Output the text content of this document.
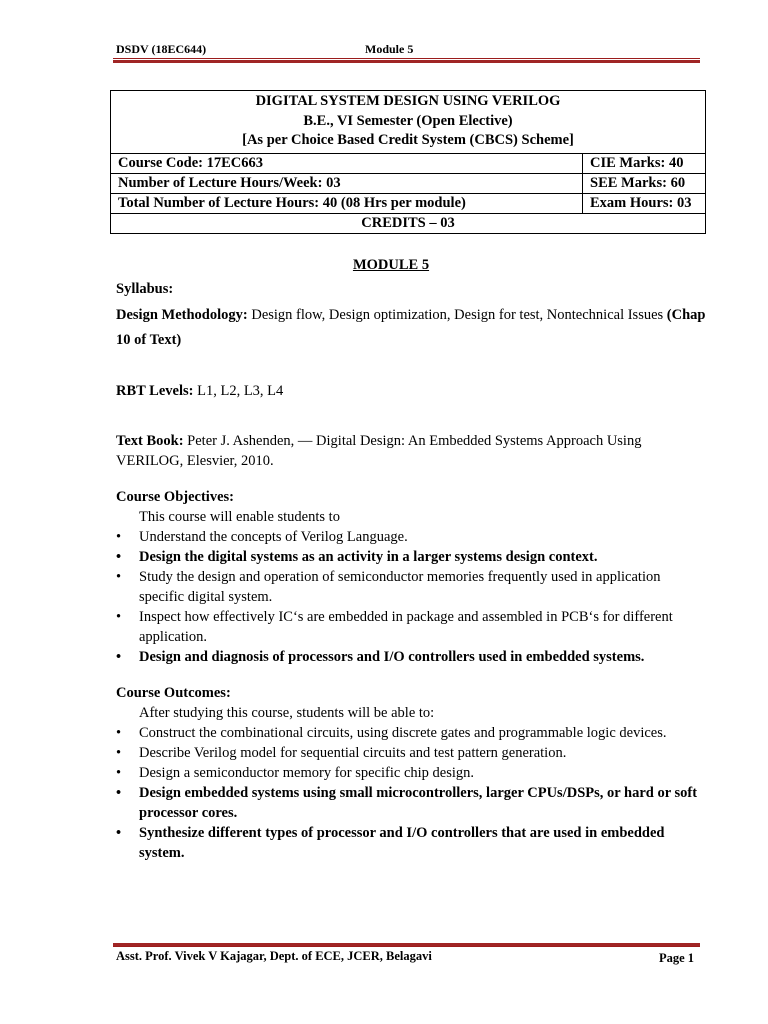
DSDV (18EC644)	Module 5
DIGITAL SYSTEM DESIGN USING VERILOG
B.E., VI Semester (Open Elective)
[As per Choice Based Credit System (CBCS) Scheme]	

Course Code: 17EC663	CIE Marks: 40
Number of Lecture Hours/Week: 03	SEE Marks: 60
Total Number of Lecture Hours: 40 (08 Hrs per module)	Exam Hours: 03
CREDITS – 03	
MODULE 5

Syllabus:

Design Methodology: Design flow, Design optimization, Design for test, Nontechnical Issues (Chap 10 of Text)

RBT Levels: L1, L2, L3, L4

Text Book: Peter J. Ashenden, — Digital Design: An Embedded Systems Approach Using VERILOG, Elesvier, 2010.

Course Objectives:

This course will enable students to

• Understand the concepts of Verilog Language.
• Design the digital systems as an activity in a larger systems design context.
• Study the design and operation of semiconductor memories frequently used in application specific digital system.
• Inspect how effectively IC‘s are embedded in package and assembled in PCB‘s for different application.
• Design and diagnosis of processors and I/O controllers used in embedded systems.

Course Outcomes:

After studying this course, students will be able to:

• Construct the combinational circuits, using discrete gates and programmable logic devices.
• Describe Verilog model for sequential circuits and test pattern generation.
• Design a semiconductor memory for specific chip design.
• Design embedded systems using small microcontrollers, larger CPUs/DSPs, or hard or soft processor cores.
• Synthesize different types of processor and I/O controllers that are used in embedded system.
Asst. Prof. Vivek V Kajagar, Dept. of ECE, JCER, Belagavi	Page 1
